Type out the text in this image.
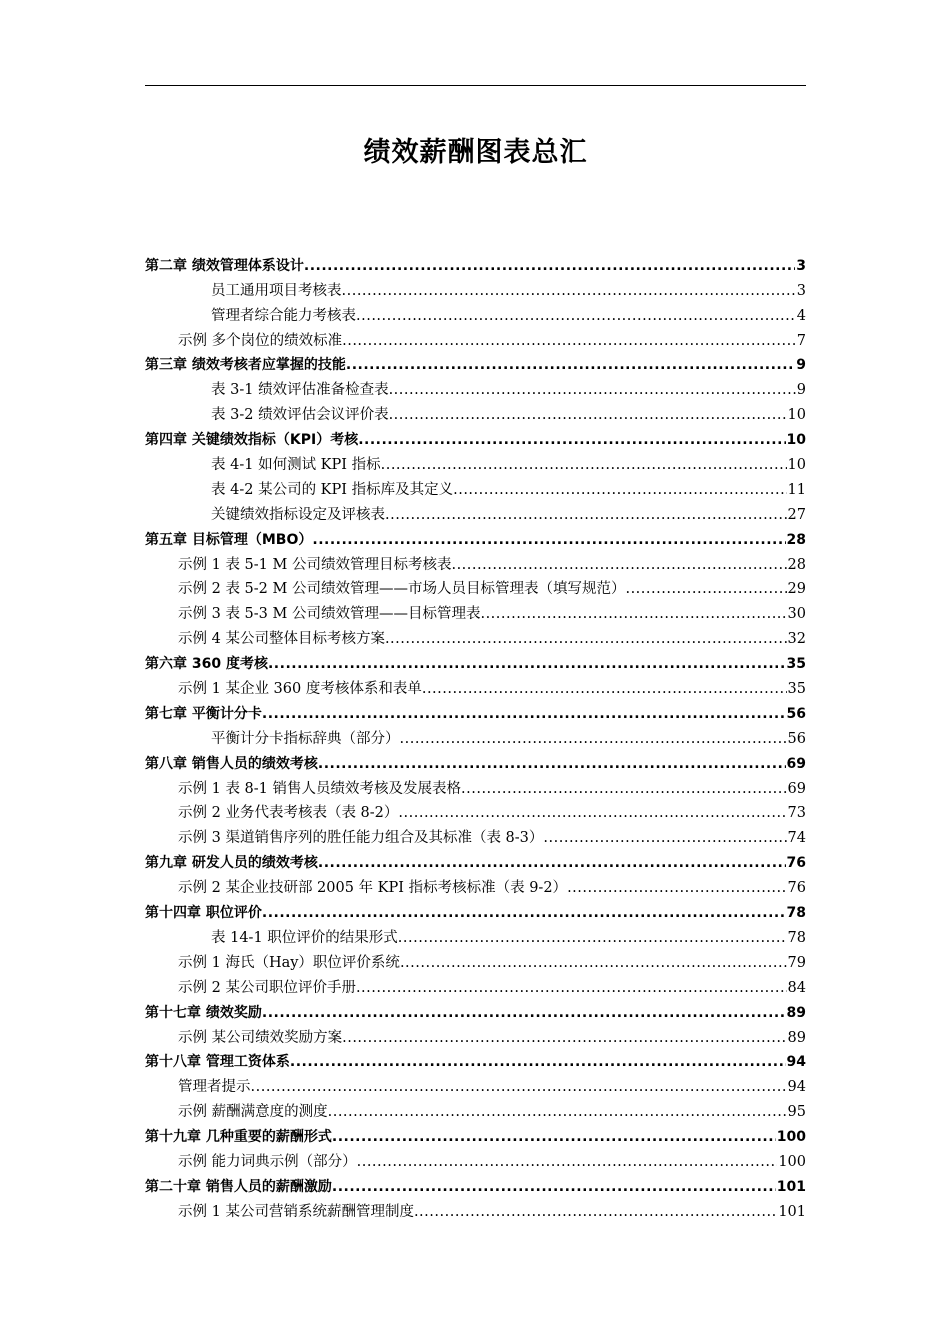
绩效薪酬图表总汇
第二章 绩效管理体系设计 .....	3
员工通用项目考核表 .....	3
管理者综合能力考核表 .....	4
示例 多个岗位的绩效标准 .....	7
第三章 绩效考核者应掌握的技能 .....	9
表 3-1 绩效评估准备检查表 .....	9
表 3-2 绩效评估会议评价表 .....	10
第四章 关键绩效指标（KPI）考核 .....	10
表 4-1 如何测试 KPI 指标 .....	10
表 4-2 某公司的 KPI 指标库及其定义 .....	11
关键绩效指标设定及评核表 .....	27
第五章 目标管理（MBO） .....	28
示例 1 表 5-1 M 公司绩效管理目标考核表 .....	28
示例 2 表 5-2 M 公司绩效管理——市场人员目标管理表（填写规范） .....	29
示例 3 表 5-3 M 公司绩效管理——目标管理表 .....	30
示例 4 某公司整体目标考核方案 .....	32
第六章 360 度考核 .....	35
示例 1 某企业 360 度考核体系和表单 .....	35
第七章 平衡计分卡 .....	56
平衡计分卡指标辞典（部分） .....	56
第八章 销售人员的绩效考核 .....	69
示例 1 表 8-1 销售人员绩效考核及发展表格 .....	69
示例 2 业务代表考核表（表 8-2） .....	73
示例 3 渠道销售序列的胜任能力组合及其标准（表 8-3） .....	74
第九章 研发人员的绩效考核 .....	76
示例 2 某企业技研部 2005 年 KPI 指标考核标准（表 9-2） .....	76
第十四章 职位评价 .....	78
表 14-1 职位评价的结果形式 .....	78
示例 1 海氏（Hay）职位评价系统 .....	79
示例 2 某公司职位评价手册 .....	84
第十七章 绩效奖励 .....	89
示例 某公司绩效奖励方案 .....	89
第十八章 管理工资体系 .....	94
管理者提示 .....	94
示例 薪酬满意度的测度 .....	95
第十九章 几种重要的薪酬形式 .....	100
示例 能力词典示例（部分） .....	100
第二十章 销售人员的薪酬激励 .....	101
示例 1 某公司营销系统薪酬管理制度 .....	101
